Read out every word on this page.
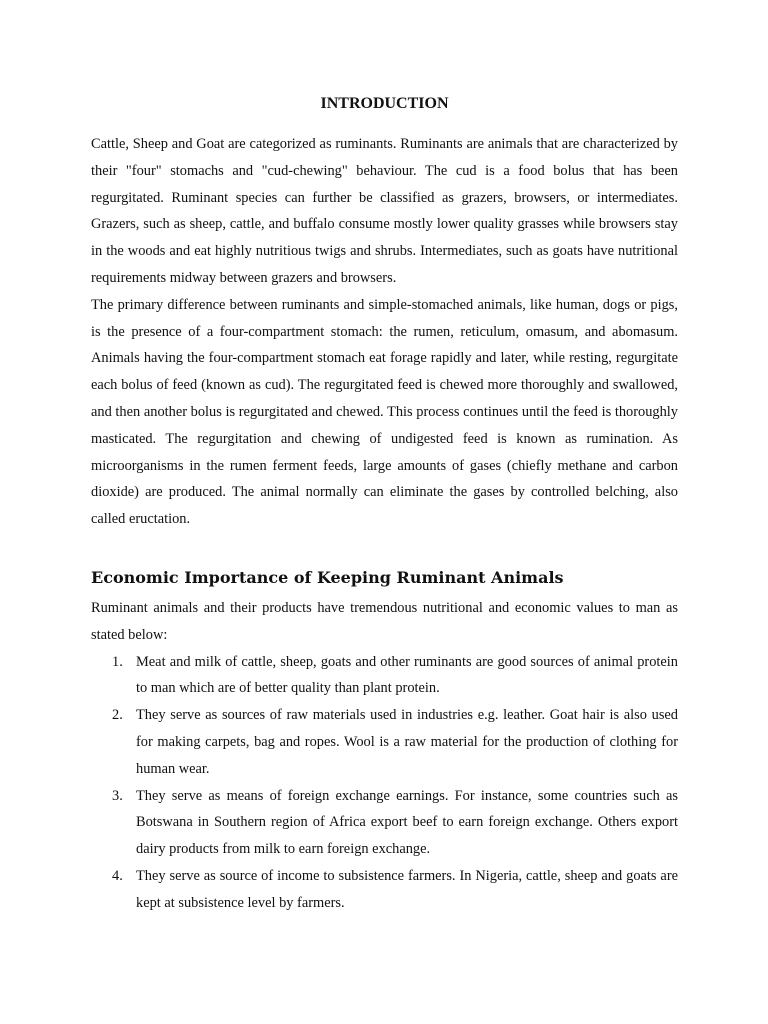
INTRODUCTION

Cattle, Sheep and Goat are categorized as ruminants. Ruminants are animals that are characterized by their "four" stomachs and "cud-chewing" behaviour. The cud is a food bolus that has been regurgitated. Ruminant species can further be classified as grazers, browsers, or intermediates. Grazers, such as sheep, cattle, and buffalo consume mostly lower quality grasses while browsers stay in the woods and eat highly nutritious twigs and shrubs. Intermediates, such as goats have nutritional requirements midway between grazers and browsers.

The primary difference between ruminants and simple-stomached animals, like human, dogs or pigs, is the presence of a four-compartment stomach: the rumen, reticulum, omasum, and abomasum. Animals having the four-compartment stomach eat forage rapidly and later, while resting, regurgitate each bolus of feed (known as cud). The regurgitated feed is chewed more thoroughly and swallowed, and then another bolus is regurgitated and chewed. This process continues until the feed is thoroughly masticated. The regurgitation and chewing of undigested feed is known as rumination. As microorganisms in the rumen ferment feeds, large amounts of gases (chiefly methane and carbon dioxide) are produced. The animal normally can eliminate the gases by controlled belching, also called eructation.

Economic Importance of Keeping Ruminant Animals

Ruminant animals and their products have tremendous nutritional and economic values to man as stated below:

1. Meat and milk of cattle, sheep, goats and other ruminants are good sources of animal protein to man which are of better quality than plant protein.
2. They serve as sources of raw materials used in industries e.g. leather. Goat hair is also used for making carpets, bag and ropes. Wool is a raw material for the production of clothing for human wear.
3. They serve as means of foreign exchange earnings. For instance, some countries such as Botswana in Southern region of Africa export beef to earn foreign exchange. Others export dairy products from milk to earn foreign exchange.
4. They serve as source of income to subsistence farmers. In Nigeria, cattle, sheep and goats are kept at subsistence level by farmers.
